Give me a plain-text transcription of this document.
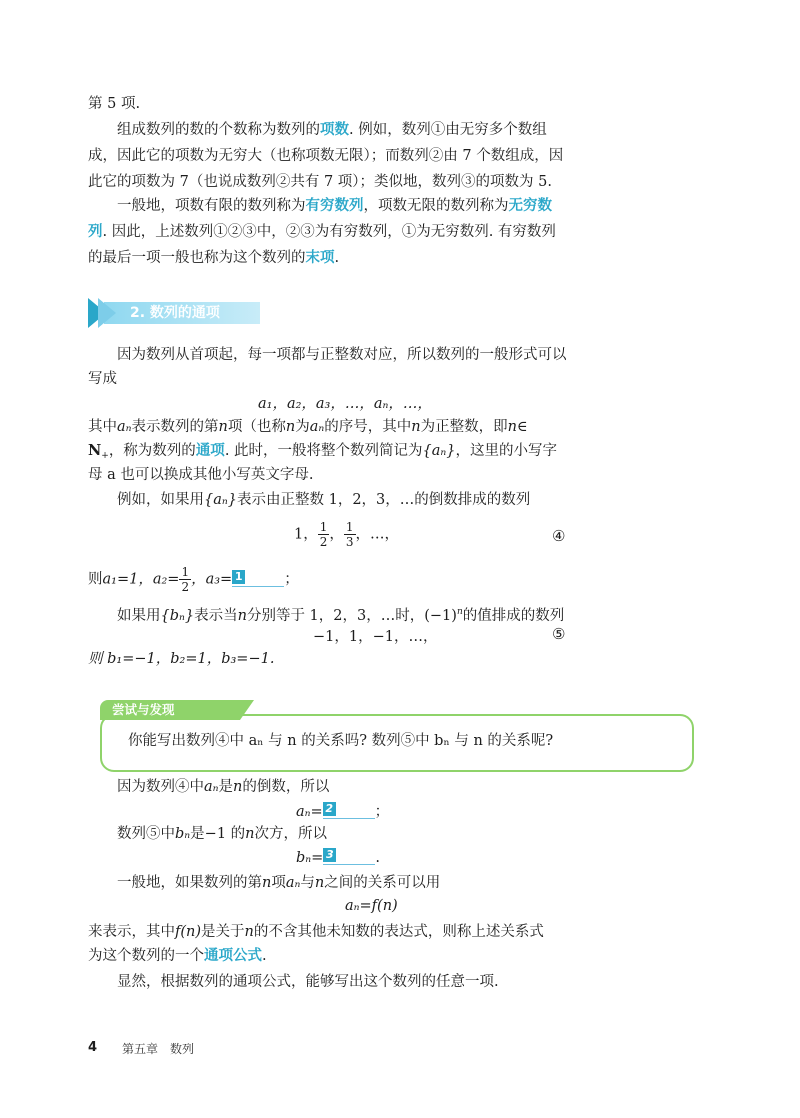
第 5 项.

组成数列的数的个数称为数列的项数. 例如，数列①由无穷多个数组

成，因此它的项数为无穷大（也称项数无限）；而数列②由 7 个数组成，因

此它的项数为 7（也说成数列②共有 7 项）；类似地，数列③的项数为 5.

一般地，项数有限的数列称为有穷数列，项数无限的数列称为无穷数

列. 因此，上述数列①②③中，②③为有穷数列，①为无穷数列. 有穷数列

的最后一项一般也称为这个数列的末项.

2. 数列的通项

因为数列从首项起，每一项都与正整数对应，所以数列的一般形式可以

写成

a₁，a₂，a₃，…，aₙ，…，

其中aₙ表示数列的第n项（也称n为aₙ的序号，其中n为正整数，即n∈

$N_+$，称为数列的通项. 此时，一般将整个数列简记为{aₙ}，这里的小写字

母 a 也可以换成其他小写英文字母.

例如，如果用{aₙ}表示由正整数 1，2，3，…的倒数排成的数列

1， $\frac{1}{2}$ ， $\frac{1}{3}$ ，…，	④
则a₁=1，$a_2= \frac{1}{2}$ ，a₃= 1	；

如果用{bₙ}表示当n分别等于 1，2，3，…时，$(-1)^n$的值排成的数列

−1，1，−1，…，	⑤

则 b₁=−1，b₂=1，b₃=−1.

尝试与发现
你能写出数列④中 aₙ 与 n 的关系吗? 数列⑤中 bₙ 与 n 的关系呢?

因为数列④中aₙ是n的倒数，所以

aₙ= 2	；

数列⑤中bₙ是−1 的n次方，所以

bₙ= 3	.

一般地，如果数列的第n项aₙ与n之间的关系可以用

aₙ=f(n)

来表示，其中f(n)是关于n的不含其他未知数的表达式，则称上述关系式

为这个数列的一个通项公式.

显然，根据数列的通项公式，能够写出这个数列的任意一项.

4 第五章　数列
